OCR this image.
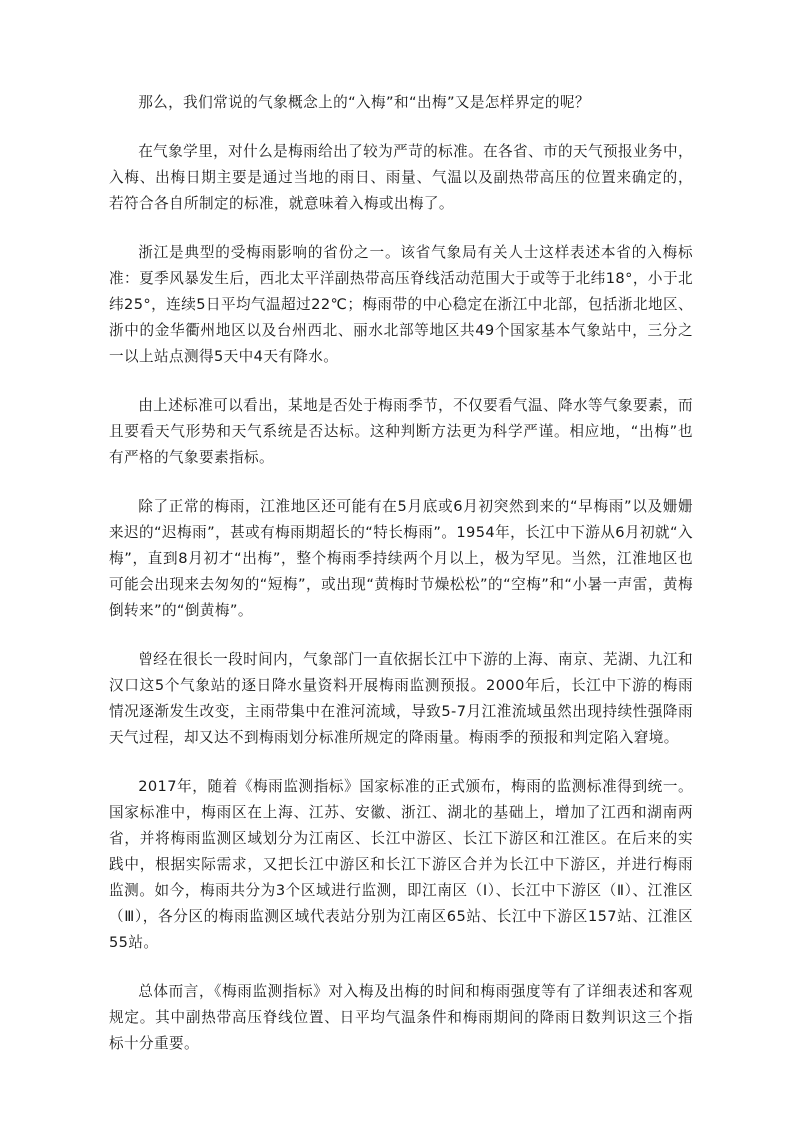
那么，我们常说的气象概念上的“入梅”和“出梅”又是怎样界定的呢？

在气象学里，对什么是梅雨给出了较为严苛的标准。在各省、市的天气预报业务中，入梅、出梅日期主要是通过当地的雨日、雨量、气温以及副热带高压的位置来确定的，若符合各自所制定的标准，就意味着入梅或出梅了。

浙江是典型的受梅雨影响的省份之一。该省气象局有关人士这样表述本省的入梅标准：夏季风暴发生后，西北太平洋副热带高压脊线活动范围大于或等于北纬18°，小于北纬25°，连续5日平均气温超过22℃；梅雨带的中心稳定在浙江中北部，包括浙北地区、浙中的金华衢州地区以及台州西北、丽水北部等地区共49个国家基本气象站中，三分之一以上站点测得5天中4天有降水。

由上述标准可以看出，某地是否处于梅雨季节，不仅要看气温、降水等气象要素，而且要看天气形势和天气系统是否达标。这种判断方法更为科学严谨。相应地，“出梅”也有严格的气象要素指标。

除了正常的梅雨，江淮地区还可能有在5月底或6月初突然到来的“早梅雨”以及姗姗来迟的“迟梅雨”，甚或有梅雨期超长的“特长梅雨”。1954年，长江中下游从6月初就“入梅”，直到8月初才“出梅”，整个梅雨季持续两个月以上，极为罕见。当然，江淮地区也可能会出现来去匆匆的“短梅”，或出现“黄梅时节燥松松”的“空梅”和“小暑一声雷，黄梅倒转来”的“倒黄梅”。

曾经在很长一段时间内，气象部门一直依据长江中下游的上海、南京、芜湖、九江和汉口这5个气象站的逐日降水量资料开展梅雨监测预报。2000年后，长江中下游的梅雨情况逐渐发生改变，主雨带集中在淮河流域，导致5-7月江淮流域虽然出现持续性强降雨天气过程，却又达不到梅雨划分标准所规定的降雨量。梅雨季的预报和判定陷入窘境。

2017年，随着《梅雨监测指标》国家标准的正式颁布，梅雨的监测标准得到统一。国家标准中，梅雨区在上海、江苏、安徽、浙江、湖北的基础上，增加了江西和湖南两省，并将梅雨监测区域划分为江南区、长江中游区、长江下游区和江淮区。在后来的实践中，根据实际需求，又把长江中游区和长江下游区合并为长江中下游区，并进行梅雨监测。如今，梅雨共分为3个区域进行监测，即江南区（Ⅰ）、长江中下游区（Ⅱ）、江淮区（Ⅲ），各分区的梅雨监测区域代表站分别为江南区65站、长江中下游区157站、江淮区55站。

总体而言，《梅雨监测指标》对入梅及出梅的时间和梅雨强度等有了详细表述和客观规定。其中副热带高压脊线位置、日平均气温条件和梅雨期间的降雨日数判识这三个指标十分重要。
